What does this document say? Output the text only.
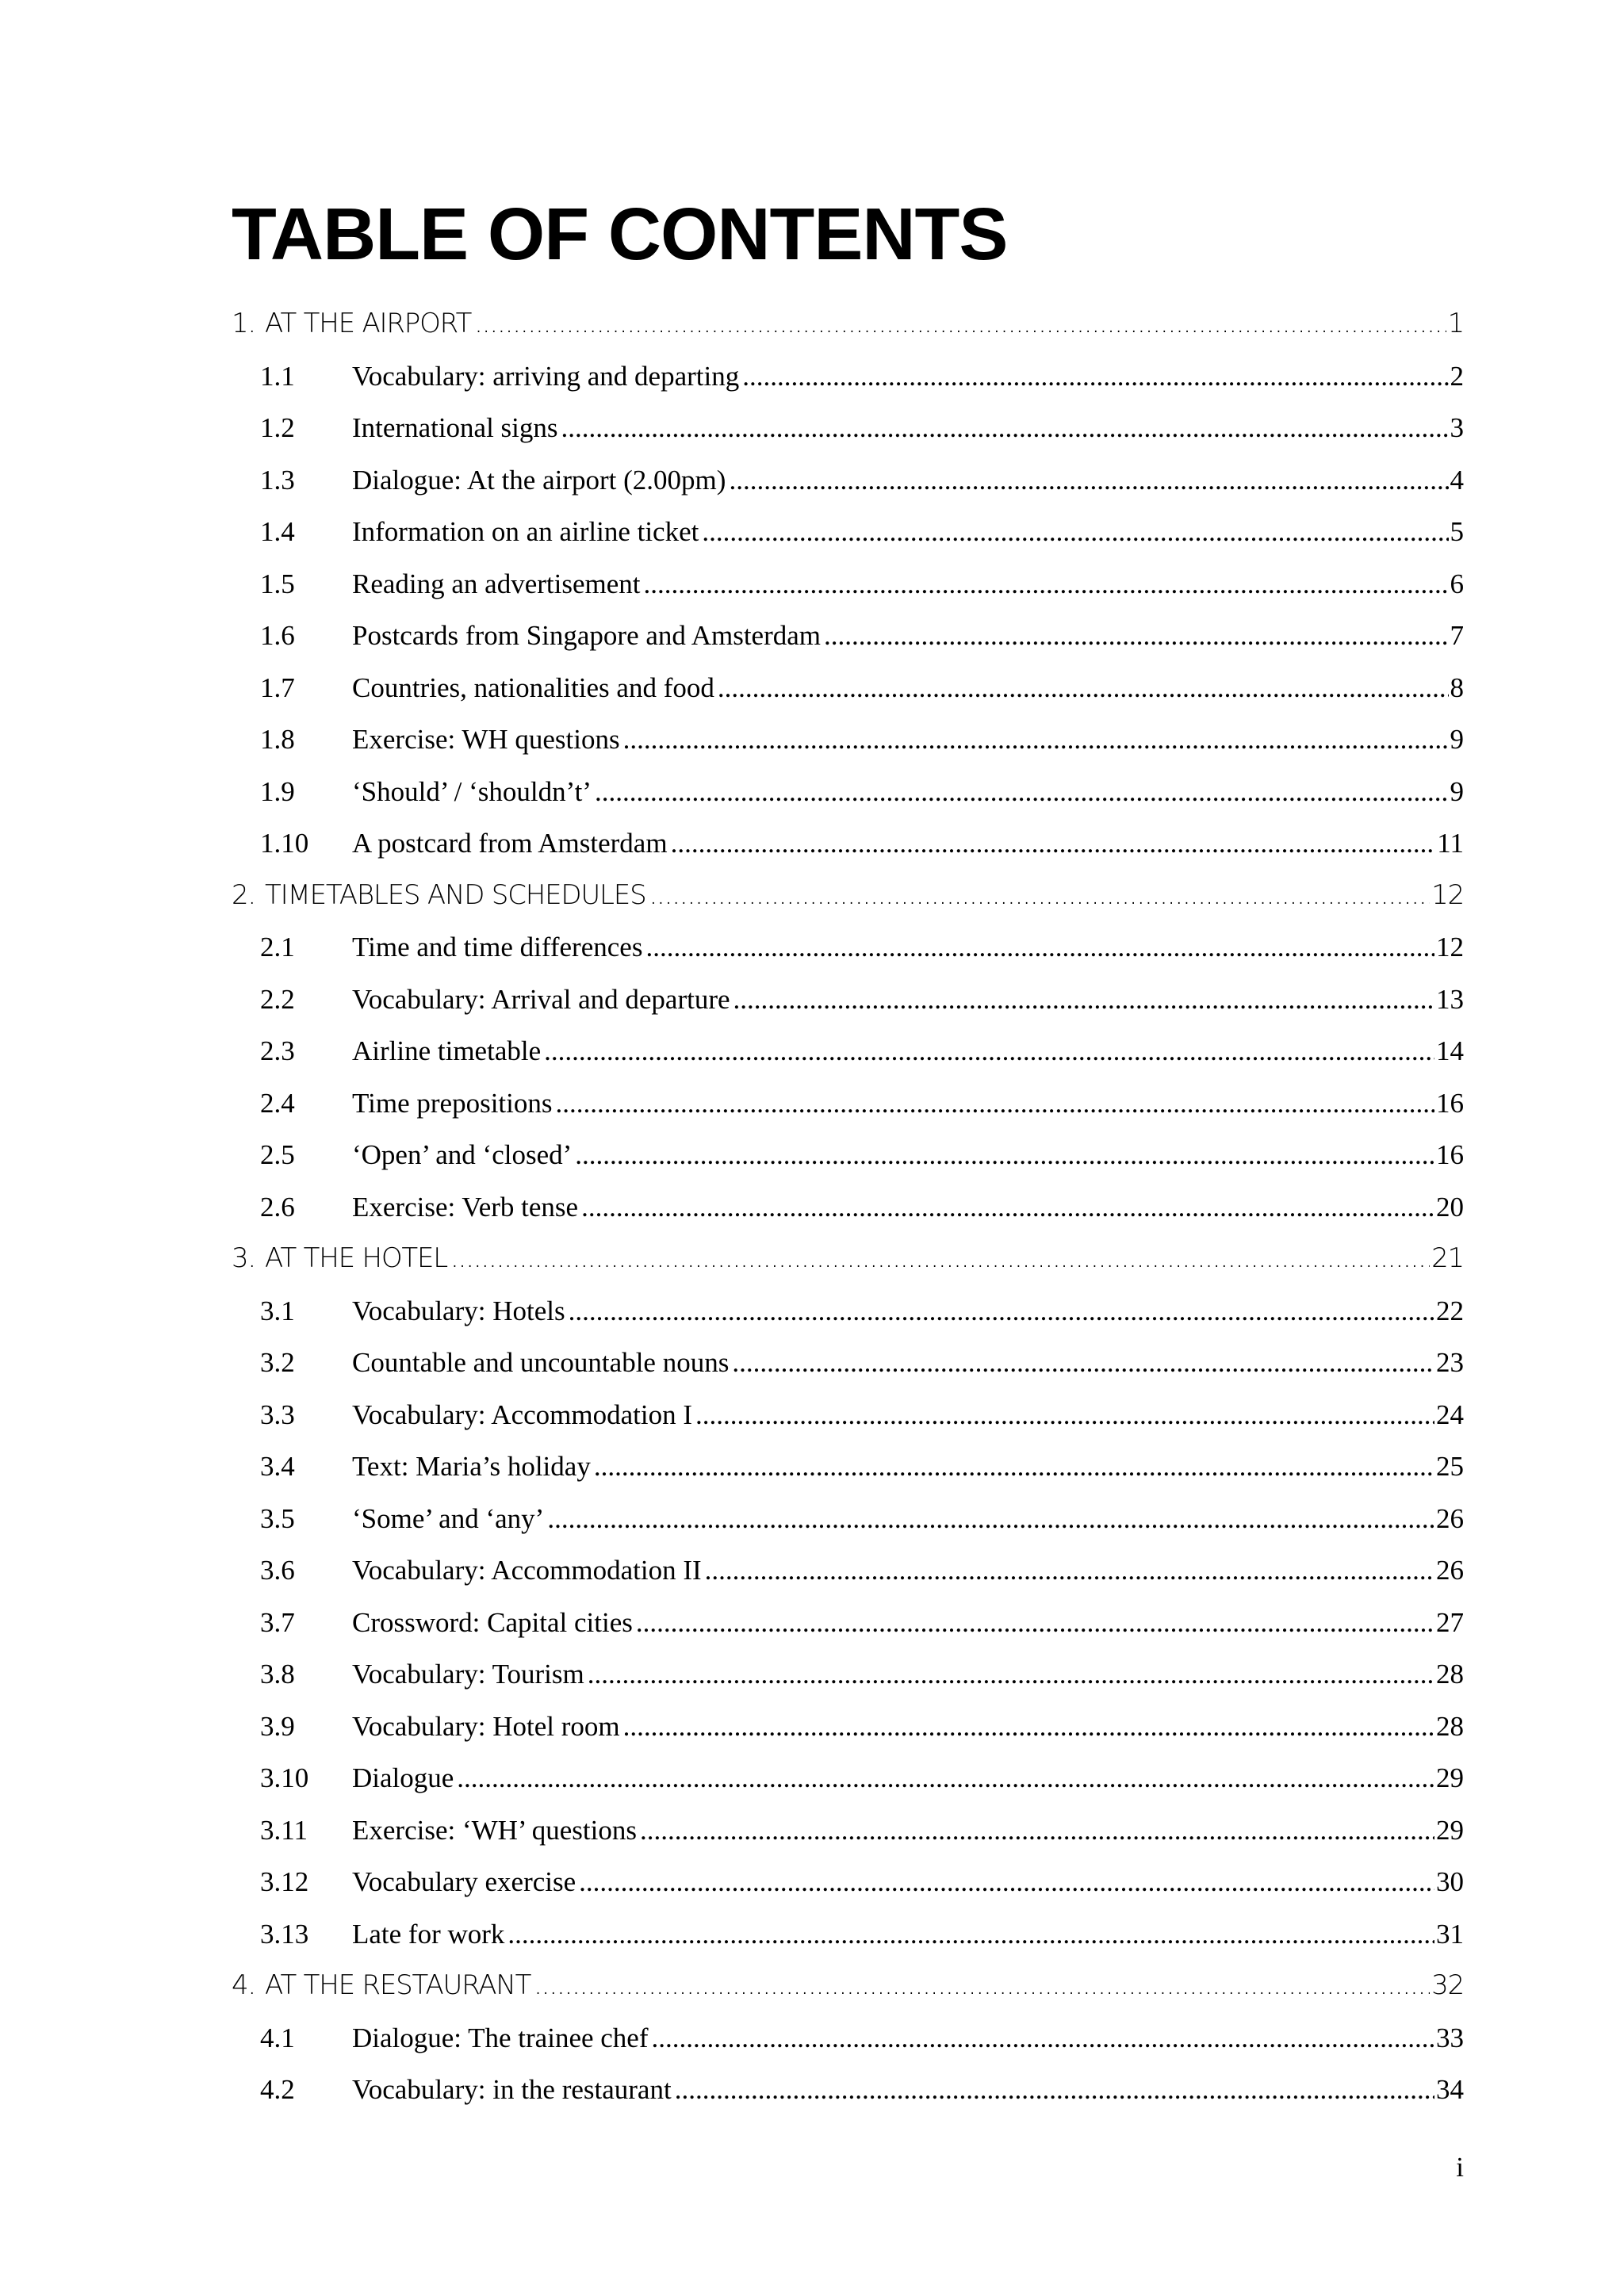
TABLE OF CONTENTS
1. AT THE AIRPORT .....	1
1.1	Vocabulary: arriving and departing .....	2
1.2	International signs .....	3
1.3	Dialogue: At the airport (2.00pm) .....	4
1.4	Information on an airline ticket .....	5
1.5	Reading an advertisement .....	6
1.6	Postcards from Singapore and Amsterdam .....	7
1.7	Countries, nationalities and food .....	8
1.8	Exercise: WH questions .....	9
1.9	‘Should’ / ‘shouldn’t’ .....	9
1.10	A postcard from Amsterdam .....	11
2. TIMETABLES AND SCHEDULES .....	12
2.1	Time and time differences .....	12
2.2	Vocabulary: Arrival and departure .....	13
2.3	Airline timetable .....	14
2.4	Time prepositions .....	16
2.5	‘Open’ and ‘closed’ .....	16
2.6	Exercise: Verb tense .....	20
3. AT THE HOTEL .....	21
3.1	Vocabulary: Hotels .....	22
3.2	Countable and uncountable nouns .....	23
3.3	Vocabulary: Accommodation I .....	24
3.4	Text: Maria’s holiday .....	25
3.5	‘Some’ and ‘any’ .....	26
3.6	Vocabulary: Accommodation II .....	26
3.7	Crossword: Capital cities .....	27
3.8	Vocabulary: Tourism .....	28
3.9	Vocabulary: Hotel room .....	28
3.10	Dialogue .....	29
3.11	Exercise: ‘WH’ questions .....	29
3.12	Vocabulary exercise .....	30
3.13	Late for work .....	31
4. AT THE RESTAURANT .....	32
4.1	Dialogue: The trainee chef .....	33
4.2	Vocabulary: in the restaurant .....	34
i
